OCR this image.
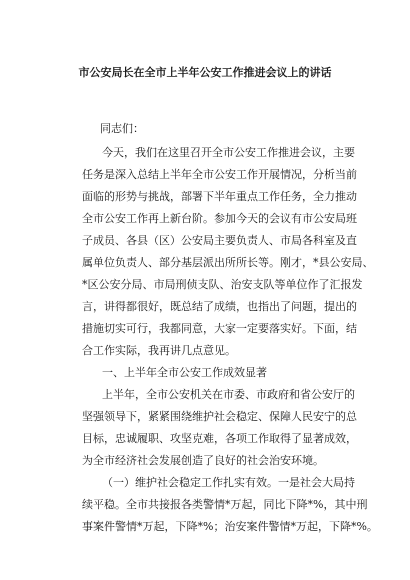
市公安局长在全市上半年公安工作推进会议上的讲话
同志们：
今天，我们在这里召开全市公安工作推进会议，主要
任务是深入总结上半年全市公安工作开展情况，分析当前
面临的形势与挑战，部署下半年重点工作任务，全力推动
全市公安工作再上新台阶。参加今天的会议有市公安局班
子成员、各县（区）公安局主要负责人、市局各科室及直
属单位负责人、部分基层派出所所长等。刚才，*县公安局、
*区公安分局、市局刑侦支队、治安支队等单位作了汇报发
言，讲得都很好，既总结了成绩，也指出了问题，提出的
措施切实可行，我都同意，大家一定要落实好。下面，结
合工作实际，我再讲几点意见。
一、上半年全市公安工作成效显著
上半年，全市公安机关在市委、市政府和省公安厅的
坚强领导下，紧紧围绕维护社会稳定、保障人民安宁的总
目标，忠诚履职、攻坚克难，各项工作取得了显著成效，
为全市经济社会发展创造了良好的社会治安环境。
（一）维护社会稳定工作扎实有效。一是社会大局持
续平稳。全市共接报各类警情*万起，同比下降*%，其中刑
事案件警情*万起，下降*%；治安案件警情*万起，下降*%。
